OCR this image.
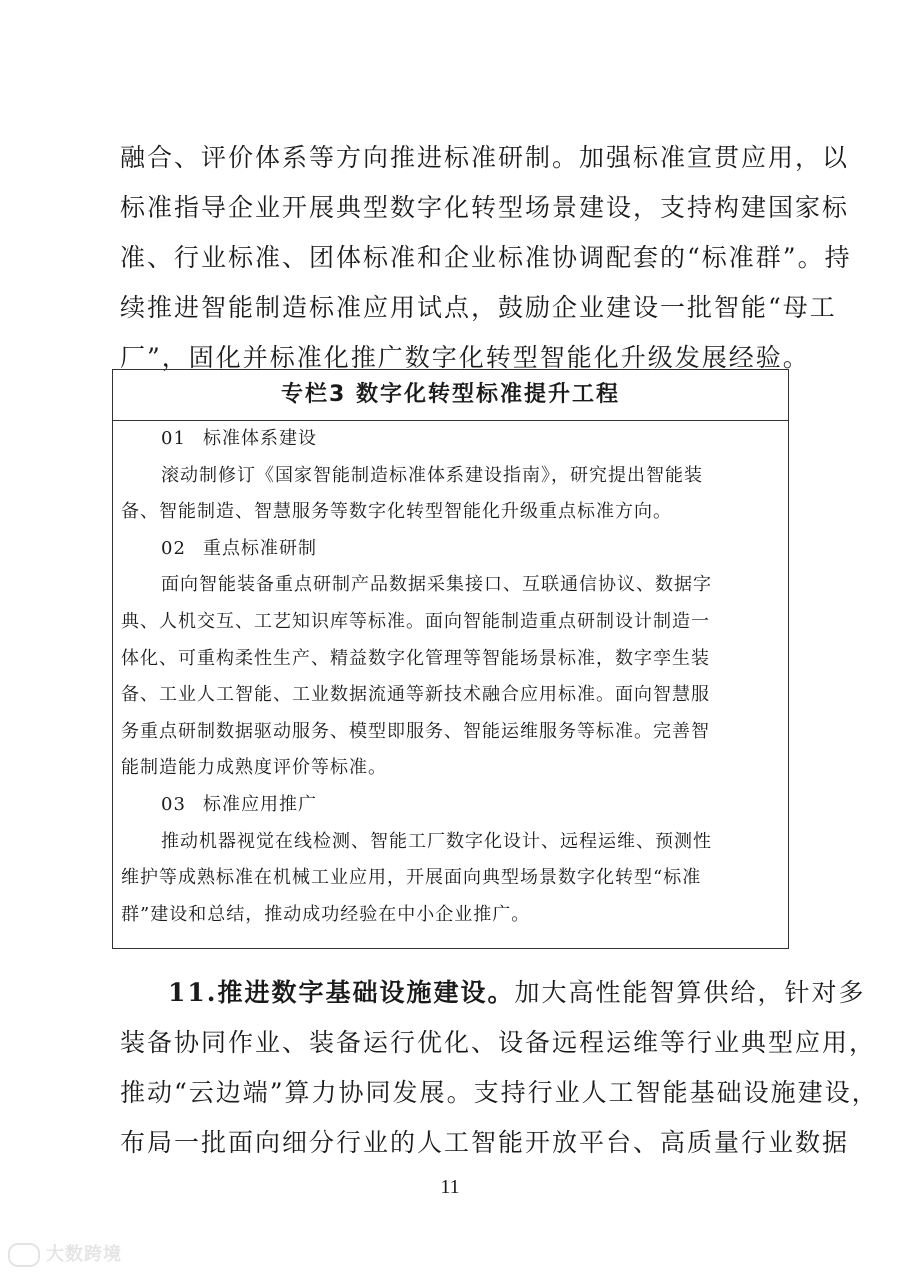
融合、评价体系等方向推进标准研制。加强标准宣贯应用，以
标准指导企业开展典型数字化转型场景建设，支持构建国家标
准、行业标准、团体标准和企业标准协调配套的“标准群”。持
续推进智能制造标准应用试点，鼓励企业建设一批智能“母工
厂”，固化并标准化推广数字化转型智能化升级发展经验。
专栏3 数字化转型标准提升工程
01 标准体系建设
滚动制修订《国家智能制造标准体系建设指南》，研究提出智能装
备、智能制造、智慧服务等数字化转型智能化升级重点标准方向。
02 重点标准研制
面向智能装备重点研制产品数据采集接口、互联通信协议、数据字
典、人机交互、工艺知识库等标准。面向智能制造重点研制设计制造一
体化、可重构柔性生产、精益数字化管理等智能场景标准，数字孪生装
备、工业人工智能、工业数据流通等新技术融合应用标准。面向智慧服
务重点研制数据驱动服务、模型即服务、智能运维服务等标准。完善智
能制造能力成熟度评价等标准。
03 标准应用推广
推动机器视觉在线检测、智能工厂数字化设计、远程运维、预测性
维护等成熟标准在机械工业应用，开展面向典型场景数字化转型“标准
群”建设和总结，推动成功经验在中小企业推广。
11.推进数字基础设施建设。加大高性能智算供给，针对多
装备协同作业、装备运行优化、设备远程运维等行业典型应用，
推动“云边端”算力协同发展。支持行业人工智能基础设施建设，
布局一批面向细分行业的人工智能开放平台、高质量行业数据
11
大数跨境
